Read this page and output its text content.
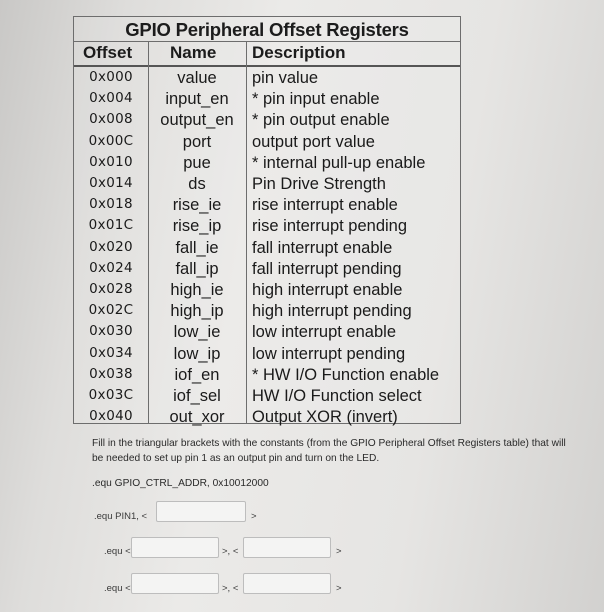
GPIO Peripheral Offset Registers
Offset Name Description
0x000	value	pin value
0x004	input_en	* pin input enable
0x008	output_en	* pin output enable
0x00C	port	output port value
0x010	pue	* internal pull-up enable
0x014	ds	Pin Drive Strength
0x018	rise_ie	rise interrupt enable
0x01C	rise_ip	rise interrupt pending
0x020	fall_ie	fall interrupt enable
0x024	fall_ip	fall interrupt pending
0x028	high_ie	high interrupt enable
0x02C	high_ip	high interrupt pending
0x030	low_ie	low interrupt enable
0x034	low_ip	low interrupt pending
0x038	iof_en	* HW I/O Function enable
0x03C	iof_sel	HW I/O Function select
0x040	out_xor	Output XOR (invert)
Fill in the triangular brackets with the constants (from the GPIO Peripheral Offset Registers table) that will be needed to set up pin 1 as an output pin and turn on the LED.
.equ GPIO_CTRL_ADDR, 0x10012000
.equ PIN1, <	>
.equ <	>, <	>
.equ <	>, <	>
